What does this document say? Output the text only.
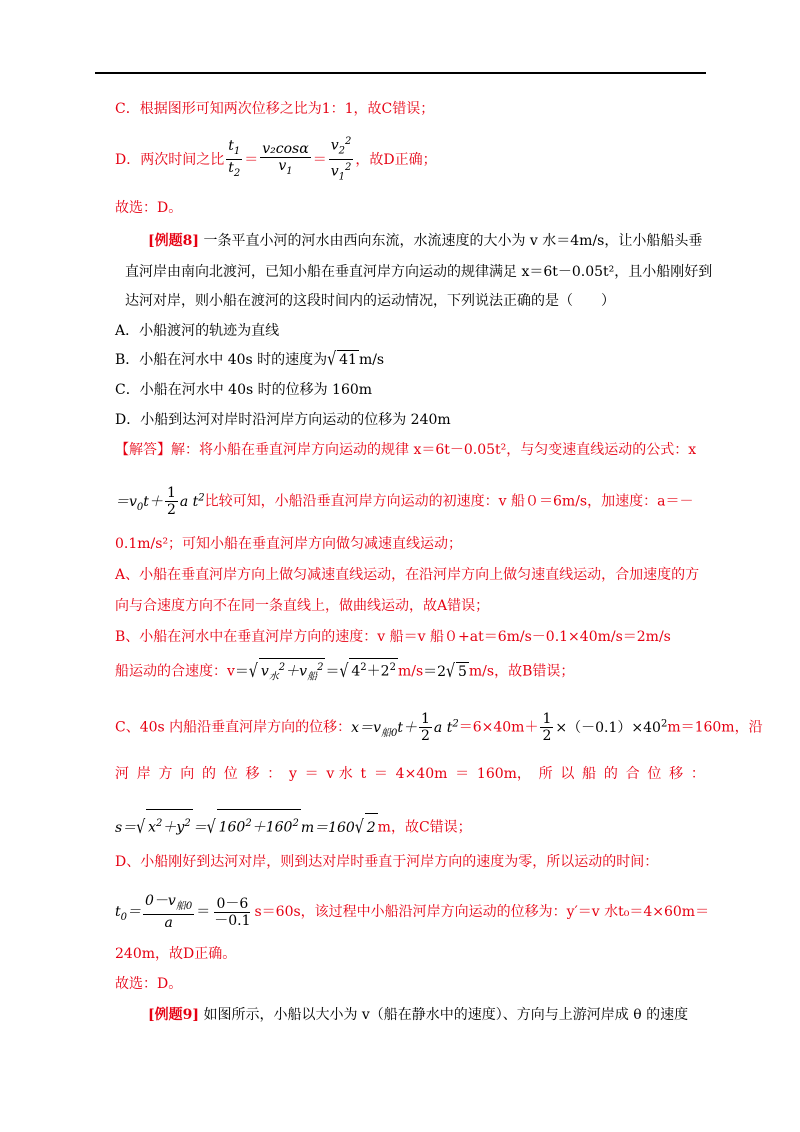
C．根据图形可知两次位移之比为1：1，故C错误；
D．两次时间之比 $\frac{t_1}{t_2} = \frac{\text{v₂cosα}}{v_1} = \frac{v_2^2}{v_1^2}$ ，故D正确；
故选：D。
[例题8] 一条平直小河的河水由西向东流，水流速度的大小为 v 水＝4m/s，让小船船头垂
直河岸由南向北渡河，已知小船在垂直河岸方向运动的规律满足 x＝6t－0.05t²，且小船刚好到
达河对岸，则小船在渡河的这段时间内的运动情况，下列说法正确的是（　　）
A．小船渡河的轨迹为直线
B．小船在河水中 40s 时的速度为√ 41 m/s
C．小船在河水中 40s 时的位移为 160m
D．小船到达河对岸时沿河岸方向运动的位移为 240m
【解答】解：将小船在垂直河岸方向运动的规律 x＝6t－0.05t²，与匀变速直线运动的公式：x
$=v_0t+ \frac{1}{2}$ a $t^2$比较可知，小船沿垂直河岸方向运动的初速度：v 船０＝6m/s，加速度：a＝－
0.1m/s²；可知小船在垂直河岸方向做匀减速直线运动；
A、小船在垂直河岸方向上做匀减速直线运动，在沿河岸方向上做匀速直线运动，合加速度的方
向与合速度方向不在同一条直线上，做曲线运动，故A错误；
B、小船在河水中在垂直河岸方向的速度：v 船＝v 船０+at＝6m/s－0.1×40m/s＝2m/s
船运动的合速度：v＝√ $v_水^2+v_船^2$ ＝√ $4^2+2^2$ m/s＝2√ 5 m/s，故B错误；
C、40s 内船沿垂直河岸方向的位移：$x=v_{船0}t+ \frac{1}{2}$ a $t^2=6\times 40m+ \frac{1}{2} \times(-0.1)\times 40^2m=160m$，沿
河 岸 方 向 的 位 移 ： y ＝ v 水 t ＝ 4×40m ＝ 160m， 所 以 船 的 合 位 移 ：
s＝√ $x^2+y^2$ ＝√ $160^2+160^2$ m＝160√ 2 m，故C错误；
D、小船刚好到达河对岸，则到达对岸时垂直于河岸方向的速度为零，所以运动的时间：
$t_0= \frac{0-v_{船0}}{a} = \frac{0-6}{-0.1} s=60s$，该过程中小船沿河岸方向运动的位移为：y′＝v 水t₀＝4×60m＝
240m，故D正确。
故选：D。
[例题9] 如图所示，小船以大小为 v（船在静水中的速度）、方向与上游河岸成 θ 的速度
